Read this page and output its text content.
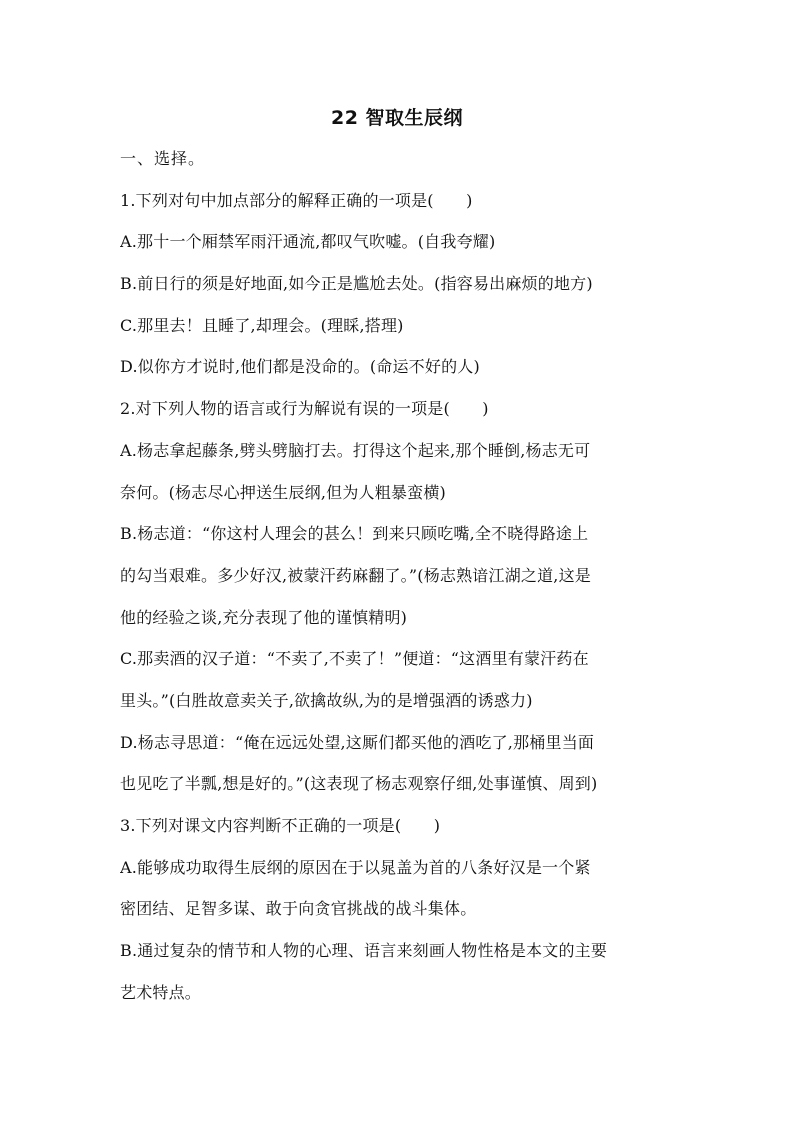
22 智取生辰纲
一、选择。
1.下列对句中加点部分的解释正确的一项是(　　)
A.那十一个厢禁军雨汗通流,都叹气吹嘘。(自我夸耀)
B.前日行的须是好地面,如今正是尴尬去处。(指容易出麻烦的地方)
C.那里去！且睡了,却理会。(理睬,搭理)
D.似你方才说时,他们都是没命的。(命运不好的人)
2.对下列人物的语言或行为解说有误的一项是(　　)
A.杨志拿起藤条,劈头劈脑打去。打得这个起来,那个睡倒,杨志无可
奈何。(杨志尽心押送生辰纲,但为人粗暴蛮横)
B.杨志道：“你这村人理会的甚么！到来只顾吃嘴,全不晓得路途上
的勾当艰难。多少好汉,被蒙汗药麻翻了。”(杨志熟谙江湖之道,这是
他的经验之谈,充分表现了他的谨慎精明)
C.那卖酒的汉子道：“不卖了,不卖了！”便道：“这酒里有蒙汗药在
里头。”(白胜故意卖关子,欲擒故纵,为的是增强酒的诱惑力)
D.杨志寻思道：“俺在远远处望,这厮们都买他的酒吃了,那桶里当面
也见吃了半瓢,想是好的。”(这表现了杨志观察仔细,处事谨慎、周到)
3.下列对课文内容判断不正确的一项是(　　)
A.能够成功取得生辰纲的原因在于以晁盖为首的八条好汉是一个紧
密团结、足智多谋、敢于向贪官挑战的战斗集体。
B.通过复杂的情节和人物的心理、语言来刻画人物性格是本文的主要
艺术特点。
